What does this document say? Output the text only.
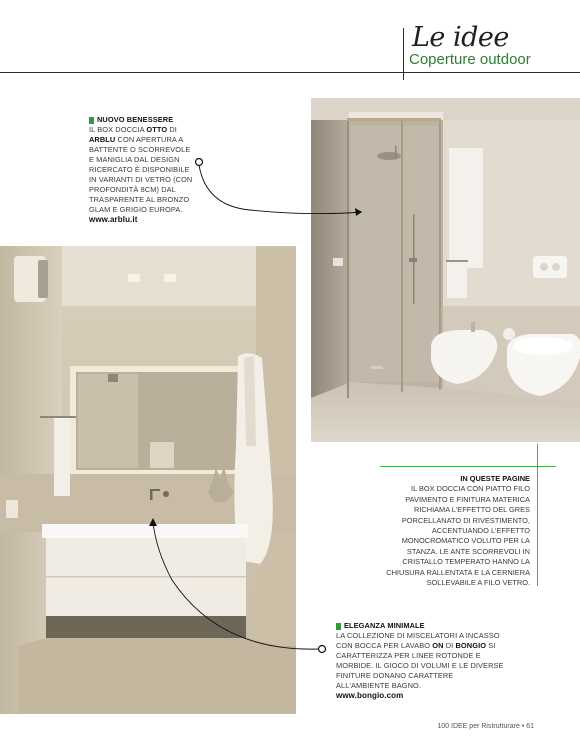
Le idee
Coperture outdoor
NUOVO BENESSERE
IL BOX DOCCIA OTTO DI ARBLU CON APERTURA A BATTENTE O SCORREVOLE E MANIGLIA DAL DESIGN RICERCATO È DISPONIBILE IN VARIANTI DI VETRO (CON PROFONDITÀ 8CM) DAL TRASPARENTE AL BRONZO GLAM E GRIGIO EUROPA.
www.arblu.it
IN QUESTE PAGINE
IL BOX DOCCIA CON PIATTO FILO PAVIMENTO E FINITURA MATERICA RICHIAMA L'EFFETTO DEL GRES PORCELLANATO DI RIVESTIMENTO, ACCENTUANDO L'EFFETTO MONOCROMATICO VOLUTO PER LA STANZA. LE ANTE SCORREVOLI IN CRISTALLO TEMPERATO HANNO LA CHIUSURA RALLENTATA E LA CERNIERA SOLLEVABILE A FILO VETRO.
ELEGANZA MINIMALE
LA COLLEZIONE DI MISCELATORI A INCASSO CON BOCCA PER LAVABO ON DI BONGIO SI CARATTERIZZA PER LINEE ROTONDE E MORBIDE. IL GIOCO DI VOLUMI E LE DIVERSE FINITURE DONANO CARATTERE ALL'AMBIENTE BAGNO.
www.bongio.com
100 IDEE per Ristrutturare • 61
